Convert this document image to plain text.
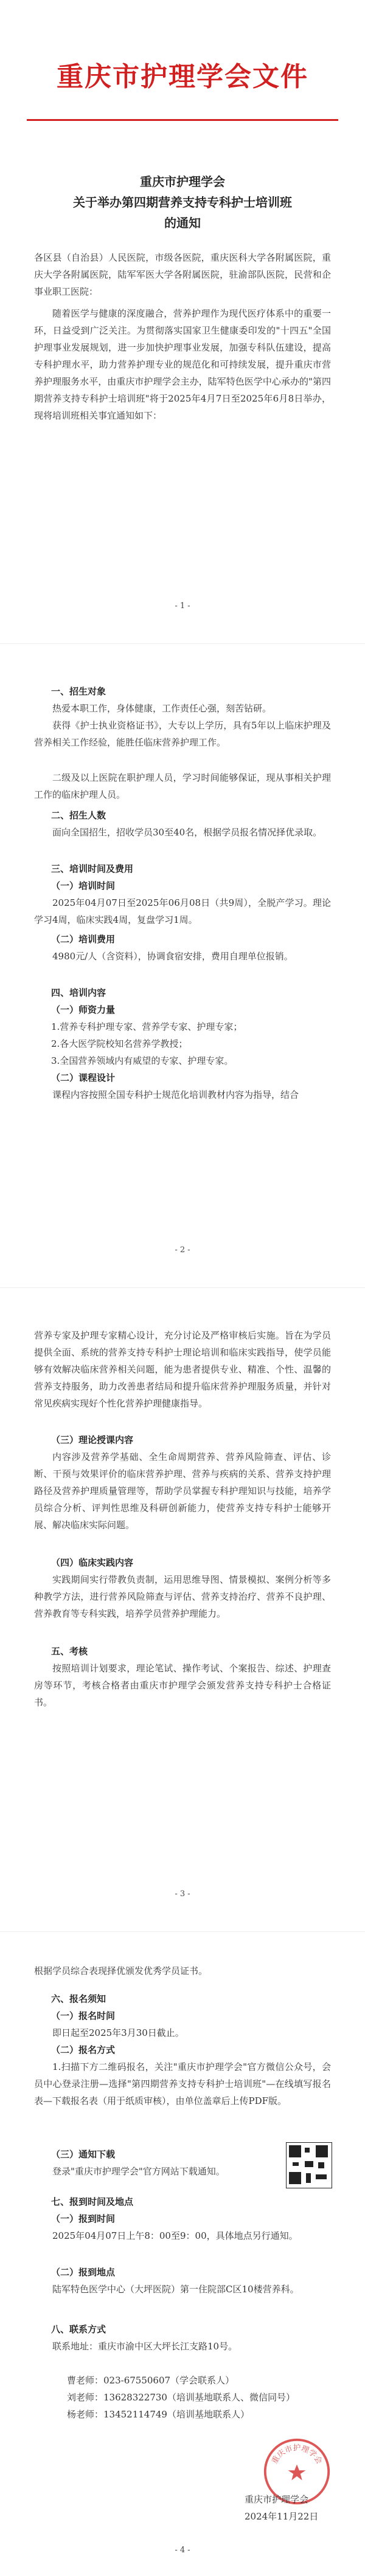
重庆市护理学会文件
重庆市护理学会
关于举办第四期营养支持专科护士培训班
的通知
各区县（自治县）人民医院，市级各医院，重庆医科大学各附属医院，重庆大学各附属医院，陆军军医大学各附属医院，驻渝部队医院，民营和企事业职工医院：
随着医学与健康的深度融合，营养护理作为现代医疗体系中的重要一环，日益受到广泛关注。为贯彻落实国家卫生健康委印发的"十四五"全国护理事业发展规划，进一步加快护理事业发展，加强专科队伍建设，提高专科护理水平，助力营养护理专业的规范化和可持续发展，提升重庆市营养护理服务水平，由重庆市护理学会主办，陆军特色医学中心承办的"第四期营养支持专科护士培训班"将于2025年4月7日至2025年6月8日举办，现将培训班相关事宜通知如下：
- 1 -
一、招生对象
热爱本职工作，身体健康，工作责任心强，刻苦钻研。
获得《护士执业资格证书》，大专以上学历，具有5年以上临床护理及营养相关工作经验，能胜任临床营养护理工作。
二级及以上医院在职护理人员，学习时间能够保证，现从事相关护理工作的临床护理人员。
二、招生人数
面向全国招生，招收学员30至40名，根据学员报名情况择优录取。
三、培训时间及费用
（一）培训时间
2025年04月07日至2025年06月08日（共9周），全脱产学习。理论学习4周，临床实践4周，复盘学习1周。
（二）培训费用
4980元/人（含资料），协调食宿安排，费用自理单位报销。
四、培训内容
（一）师资力量
1.营养专科护理专家、营养学专家、护理专家；
2.各大医学院校知名营养学教授；
3.全国营养领域内有威望的专家、护理专家。
（二）课程设计
课程内容按照全国专科护士规范化培训教材内容为指导，结合
- 2 -
营养专家及护理专家精心设计，充分讨论及严格审核后实施。旨在为学员提供全面、系统的营养支持专科护士理论培训和临床实践指导，使学员能够有效解决临床营养相关问题，能为患者提供专业、精准、个性、温馨的营养支持服务，助力改善患者结局和提升临床营养护理服务质量，并针对常见疾病实现好个性化营养护理健康指导。
（三）理论授课内容
内容涉及营养学基础、全生命周期营养、营养风险筛查、评估、诊断、干预与效果评价的临床营养护理、营养与疾病的关系、营养支持护理路径及营养护理质量管理等，帮助学员掌握专科护理知识与技能，培养学员综合分析、评判性思维及科研创新能力，使营养支持专科护士能够开展、解决临床实际问题。
（四）临床实践内容
实践期间实行带教负责制，运用思维导图、情景模拟、案例分析等多种教学方法，进行营养风险筛查与评估、营养支持治疗、营养不良护理、营养教育等专科实践，培养学员营养护理能力。
五、考核
按照培训计划要求，理论笔试、操作考试、个案报告、综述、护理查房等环节，考核合格者由重庆市护理学会颁发营养支持专科护士合格证书。
- 3 -
根据学员综合表现择优颁发优秀学员证书。
六、报名须知
（一）报名时间
即日起至2025年3月30日截止。
（二）报名方式
1.扫描下方二维码报名，关注"重庆市护理学会"官方微信公众号，会员中心登录注册—选择"第四期营养支持专科护士培训班"—在线填写报名表—下载报名表（用于纸质审核），由单位盖章后上传PDF版。
（三）通知下载
登录"重庆市护理学会"官方网站下载通知。
七、报到时间及地点
（一）报到时间
2025年04月07日上午8：00至9：00，具体地点另行通知。
（二）报到地点
陆军特色医学中心（大坪医院）第一住院部C区10楼营养科。
八、联系方式
联系地址：重庆市渝中区大坪长江支路10号。
曹老师：023-67550607（学会联系人）
刘老师：13628322730（培训基地联系人、微信同号）
杨老师：13452114749（培训基地联系人）
重庆市护理学会
重庆市护理学会
2024年11月22日
- 4 -
